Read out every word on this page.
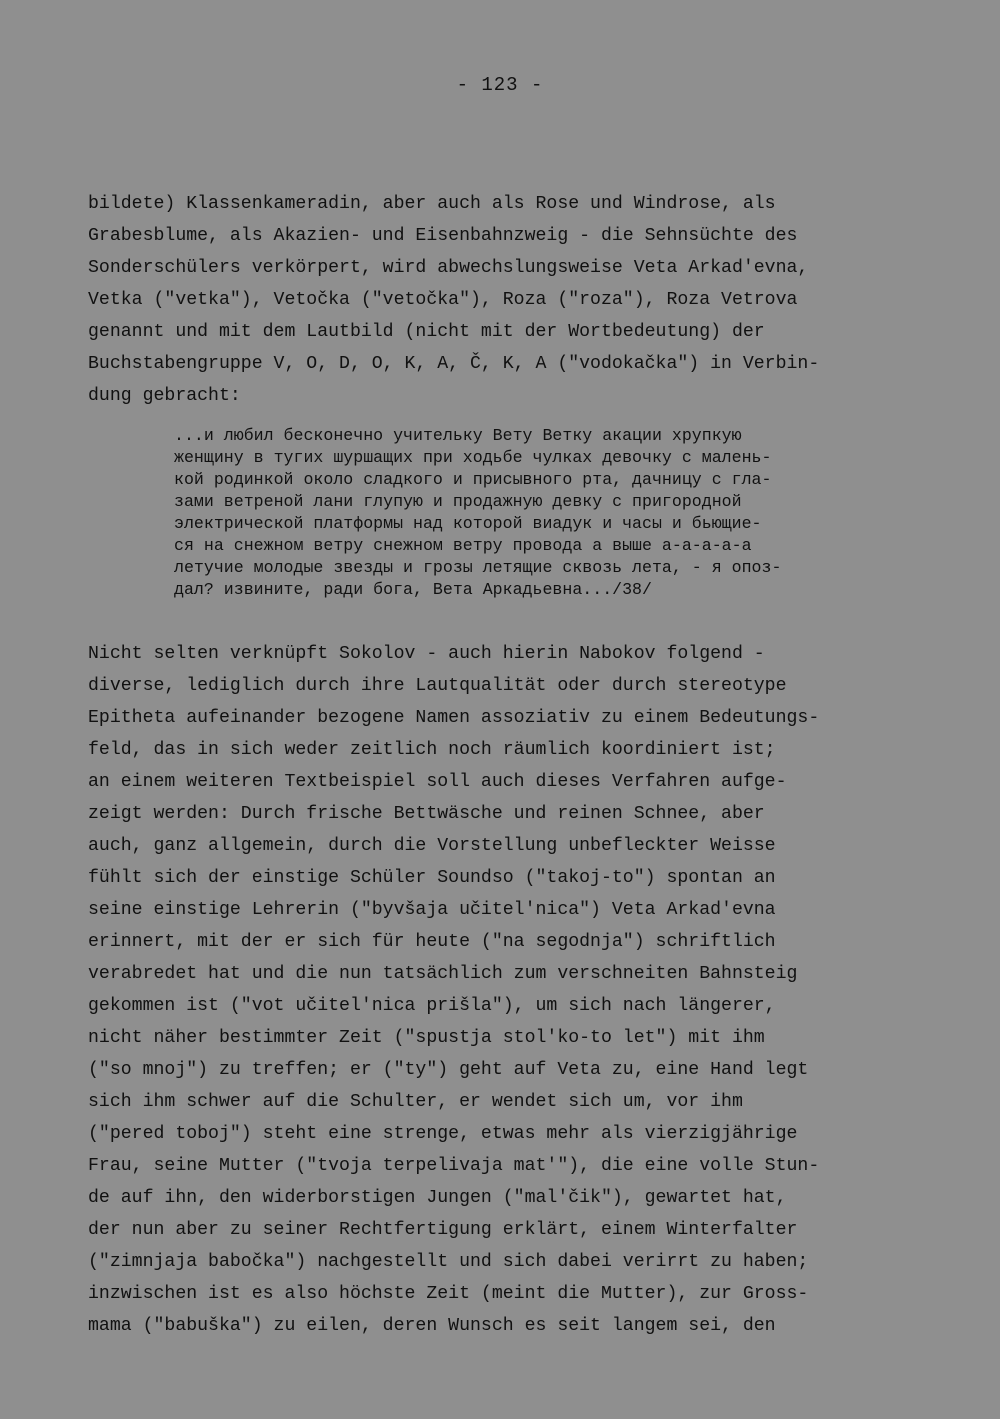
- 123 -
bildete) Klassenkameradin, aber auch als Rose und Windrose, als
Grabesblume, als Akazien- und Eisenbahnzweig - die Sehnsüchte des
Sonderschülers verkörpert, wird abwechslungsweise Veta Arkad'evna,
Vetka ("vetka"), Vetočka ("vetočka"), Roza ("roza"), Roza Vetrova
genannt und mit dem Lautbild (nicht mit der Wortbedeutung) der
Buchstabengruppe V, O, D, O, K, A, Č, K, A ("vodokačka") in Verbin-
dung gebracht:
...и любил бесконечно учительку Вету Ветку акации хрупкую
женщину в тугих шуршащих при ходьбе чулках девочку с малень-
кой родинкой около сладкого и присывного рта, дачницу с гла-
зами ветреной лани глупую и продажную девку с пригородной
электрической платформы над которой виадук и часы и бьющие-
ся на снежном ветру снежном ветру провода а выше а-а-а-а-а
летучие молодые звезды и грозы летящие сквозь лета, - я опоз-
дал? извините, ради бога, Вета Аркадьевна.../38/
Nicht selten verknüpft Sokolov - auch hierin Nabokov folgend -
diverse, lediglich durch ihre Lautqualität oder durch stereotype
Epitheta aufeinander bezogene Namen assoziativ zu einem Bedeutungs-
feld, das in sich weder zeitlich noch räumlich koordiniert ist;
an einem weiteren Textbeispiel soll auch dieses Verfahren aufge-
zeigt werden: Durch frische Bettwäsche und reinen Schnee, aber
auch, ganz allgemein, durch die Vorstellung unbefleckter Weisse
fühlt sich der einstige Schüler Soundso ("takoj-to") spontan an
seine einstige Lehrerin ("byvšaja učitel'nica") Veta Arkad'evna
erinnert, mit der er sich für heute ("na segodnja") schriftlich
verabredet hat und die nun tatsächlich zum verschneiten Bahnsteig
gekommen ist ("vot učitel'nica prišla"), um sich nach längerer,
nicht näher bestimmter Zeit ("spustja stol'ko-to let") mit ihm
("so mnoj") zu treffen; er ("ty") geht auf Veta zu, eine Hand legt
sich ihm schwer auf die Schulter, er wendet sich um, vor ihm
("pered toboj") steht eine strenge, etwas mehr als vierzigjährige
Frau, seine Mutter ("tvoja terpelivaja mat'"), die eine volle Stun-
de auf ihn, den widerborstigen Jungen ("mal'čik"), gewartet hat,
der nun aber zu seiner Rechtfertigung erklärt, einem Winterfalter
("zimnjaja babočka") nachgestellt und sich dabei verirrt zu haben;
inzwischen ist es also höchste Zeit (meint die Mutter), zur Gross-
mama ("babuška") zu eilen, deren Wunsch es seit langem sei, den
